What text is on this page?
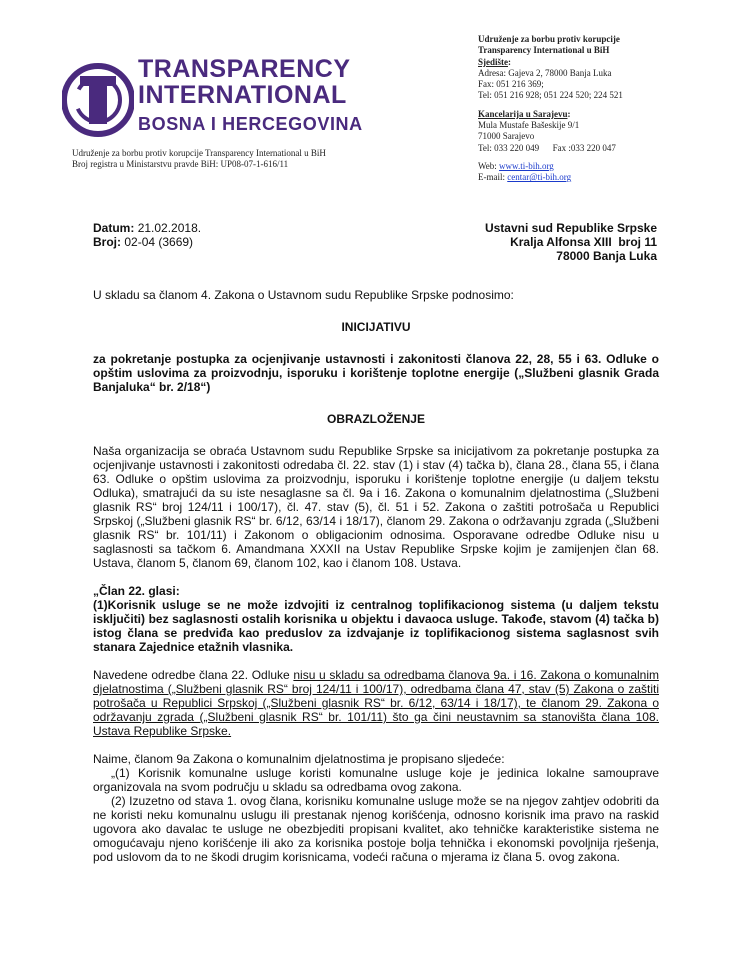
TRANSPARENCY
INTERNATIONAL
BOSNA I HERCEGOVINA
Udruženje za borbu protiv korupcije Transparency International u BiH
Broj registra u Ministarstvu pravde BiH: UP08-07-1-616/11
Udruženje za borbu protiv korupcije
Transparency International u BiH
Sjedište:
Adresa: Gajeva 2, 78000 Banja Luka
Fax: 051 216 369;
Tel: 051 216 928; 051 224 520; 224 521
Kancelarija u Sarajevu:
Mula Mustafe Bašeskije 9/1
71000 Sarajevo
Tel: 033 220 049      Fax :033 220 047
Web: www.ti-bih.org
E-mail: centar@ti-bih.org
Datum: 21.02.2018.
Broj: 02-04 (3669)
Ustavni sud Republike Srpske
Kralja Alfonsa XIII  broj 11
78000 Banja Luka

U skladu sa članom 4. Zakona o Ustavnom sudu Republike Srpske podnosimo:

INICIJATIVU

za pokretanje postupka za ocjenjivanje ustavnosti i zakonitosti članova 22, 28, 55 i 63. Odluke o opštim uslovima za proizvodnju, isporuku i korištenje toplotne energije („Službeni glasnik Grada Banjaluka“ br. 2/18“)

OBRAZLOŽENJE

Naša organizacija se obraća Ustavnom sudu Republike Srpske sa inicijativom za pokretanje postupka za ocjenjivanje ustavnosti i zakonitosti odredaba čl. 22. stav (1) i stav (4) tačka b), člana 28., člana 55, i člana 63. Odluke o opštim uslovima za proizvodnju, isporuku i korištenje toplotne energije (u daljem tekstu Odluka), smatrajući da su iste nesaglasne sa čl. 9a i 16. Zakona o komunalnim djelatnostima („Službeni glasnik RS“ broj 124/11 i 100/17), čl. 47. stav (5), čl. 51 i 52. Zakona o zaštiti potrošača u Republici Srpskoj („Službeni glasnik RS“ br. 6/12, 63/14 i 18/17), članom 29. Zakona o održavanju zgrada („Službeni glasnik RS“ br. 101/11) i Zakonom o obligacionim odnosima. Osporavane odredbe Odluke nisu u saglasnosti sa tačkom 6. Amandmana XXXII na Ustav Republike Srpske kojim je zamijenjen član 68. Ustava, članom 5, članom 69, članom 102, kao i članom 108. Ustava.

„Član 22. glasi:

(1)Korisnik usluge se ne može izdvojiti iz centralnog toplifikacionog sistema (u daljem tekstu isključiti) bez saglasnosti ostalih korisnika u objektu i davaoca usluge. Takođe, stavom (4) tačka b) istog člana se predviđa kao preduslov za izdvajanje iz toplifikacionog sistema saglasnost svih stanara Zajednice etažnih vlasnika.

Navedene odredbe člana 22. Odluke nisu u skladu sa odredbama članova 9a. i 16. Zakona o komunalnim djelatnostima („Službeni glasnik RS“ broj 124/11 i 100/17), odredbama člana 47, stav (5) Zakona o zaštiti potrošača u Republici Srpskoj („Službeni glasnik RS“ br. 6/12, 63/14 i 18/17), te članom 29. Zakona o održavanju zgrada („Službeni glasnik RS“ br. 101/11) što ga čini neustavnim sa stanovišta člana 108. Ustava Republike Srpske.

Naime, članom 9a Zakona o komunalnim djelatnostima je propisano sljedeće:

„(1) Korisnik komunalne usluge koristi komunalne usluge koje je jedinica lokalne samouprave organizovala na svom području u skladu sa odredbama ovog zakona.

(2) Izuzetno od stava 1. ovog člana, korisniku komunalne usluge može se na njegov zahtjev odobriti da ne koristi neku komunalnu uslugu ili prestanak njenog korišćenja, odnosno korisnik ima pravo na raskid ugovora ako davalac te usluge ne obezbjediti propisani kvalitet, ako tehničke karakteristike sistema ne omogućavaju njeno korišćenje ili ako za korisnika postoje bolja tehnička i ekonomski povoljnija rješenja, pod uslovom da to ne škodi drugim korisnicama, vodeći računa o mjerama iz člana 5. ovog zakona.
